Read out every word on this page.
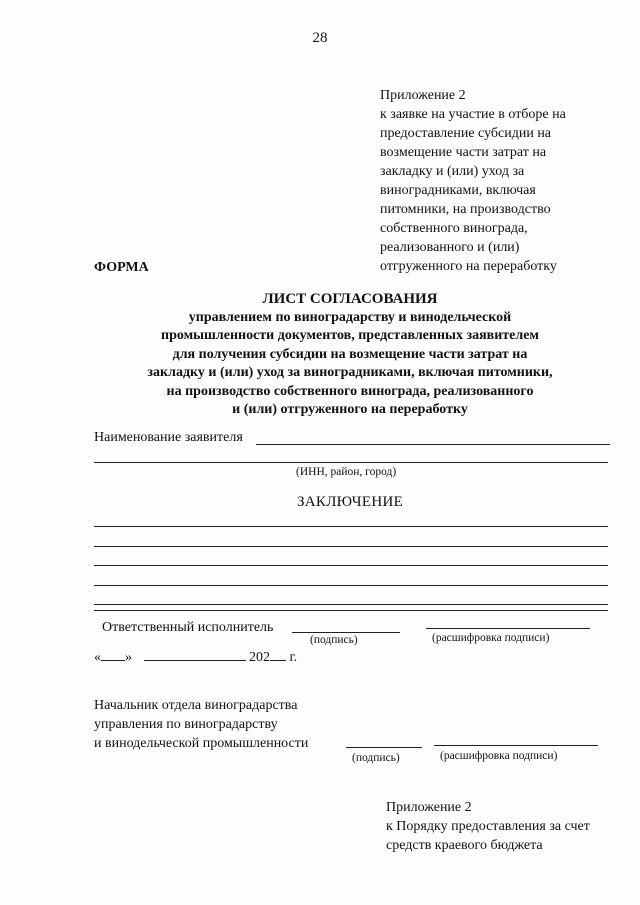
28
Приложение 2
к заявке на участие в отборе на
предоставление субсидии на
возмещение части затрат на
закладку и (или) уход за
виноградниками, включая
питомники, на производство
собственного винограда,
реализованного и (или)
отгруженного на переработку
ФОРМА
ЛИСТ СОГЛАСОВАНИЯ
управлением по виноградарству и винодельческой
промышленности документов, представленных заявителем
для получения субсидии на возмещение части затрат на
закладку и (или) уход за виноградниками, включая питомники,
на производство собственного винограда, реализованного
и (или) отгруженного на переработку
Наименование заявителя
(ИНН, район, город)
ЗАКЛЮЧЕНИЕ
Ответственный исполнитель
(подпись)	(расшифровка подписи)
« »	202 г.
Начальник отдела виноградарства
управления по виноградарству
и винодельческой промышленности
(подпись)	(расшифровка подписи)
Приложение 2
к Порядку предоставления за счет
средств краевого бюджета
